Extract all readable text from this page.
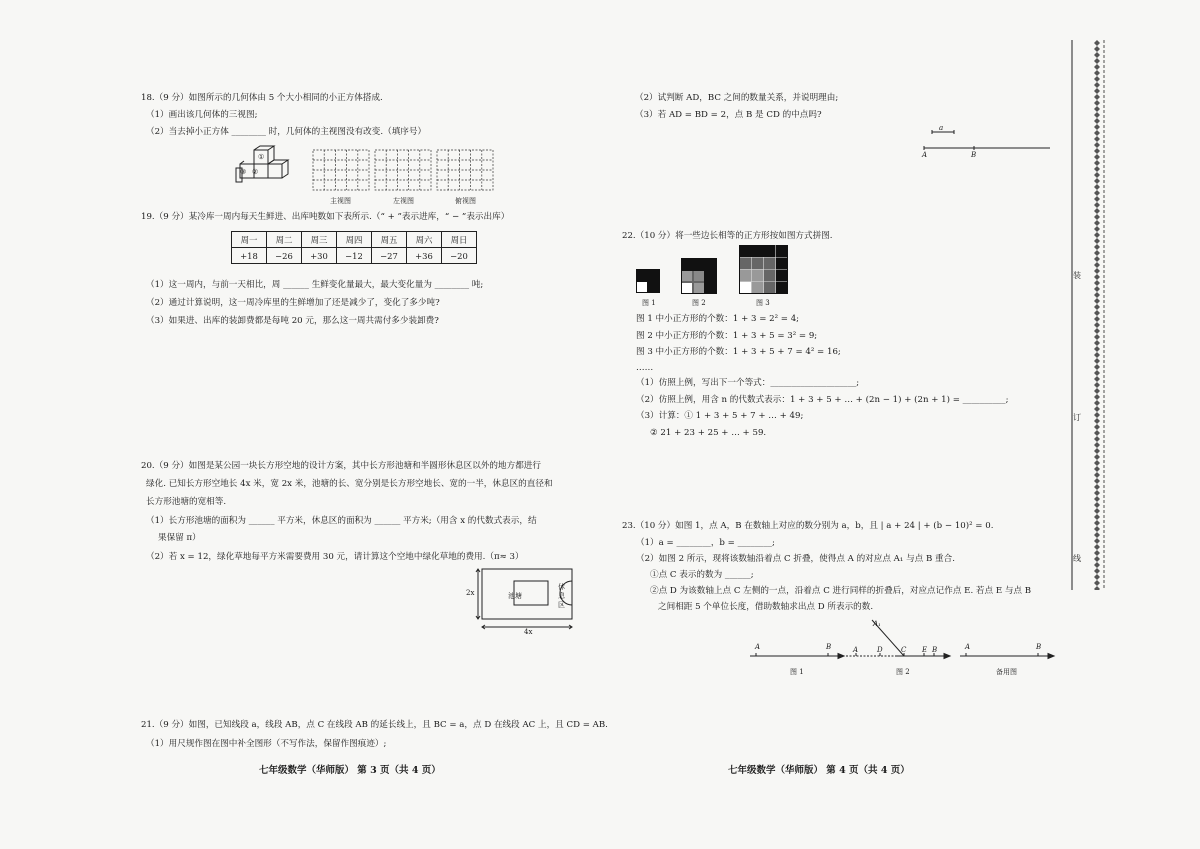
18.（9 分）如图所示的几何体由 5 个大小相同的小正方体搭成.
（1）画出该几何体的三视图;
（2）当去掉小正方体 ________ 时，几何体的主视图没有改变.（填序号）
①
②
③
主视图	左视图	俯视图
19.（9 分）某冷库一周内每天生鲜进、出库吨数如下表所示.（“ + ”表示进库，“ − ”表示出库）
周一	周二	周三	周四	周五	周六	周日
+18	−26	+30	−12	−27	+36	−20
（1）这一周内，与前一天相比，周 ______ 生鲜变化量最大，最大变化量为 ________ 吨;
（2）通过计算说明，这一周冷库里的生鲜增加了还是减少了，变化了多少吨?
（3）如果进、出库的装卸费都是每吨 20 元，那么这一周共需付多少装卸费?
20.（9 分）如图是某公园一块长方形空地的设计方案，其中长方形池塘和半圆形休息区以外的地方都进行
绿化. 已知长方形空地长 4x 米，宽 2x 米，池塘的长、宽分别是长方形空地长、宽的一半，休息区的直径和
长方形池塘的宽相等.
（1）长方形池塘的面积为 ______ 平方米，休息区的面积为 ______ 平方米;（用含 x 的代数式表示，结
果保留 π）
（2）若 x = 12，绿化草地每平方米需要费用 30 元，请计算这个空地中绿化草地的费用.（π≈ 3）
2x
4x
池塘
休息区
21.（9 分）如图，已知线段 a，线段 AB，点 C 在线段 AB 的延长线上，且 BC = a，点 D 在线段 AC 上，且 CD = AB.
（1）用尺规作图在图中补全图形（不写作法，保留作图痕迹）;
七年级数学（华师版） 第 3 页（共 4 页）
（2）试判断 AD，BC 之间的数量关系，并说明理由;
（3）若 AD = BD = 2，点 B 是 CD 的中点吗?
a
A	B
22.（10 分）将一些边长相等的正方形按如图方式拼图.
图 1	图 2	图 3
图 1 中小正方形的个数：1 + 3 = 2² = 4;
图 2 中小正方形的个数：1 + 3 + 5 = 3² = 9;
图 3 中小正方形的个数：1 + 3 + 5 + 7 = 4² = 16;
……
（1）仿照上例，写出下一个等式：____________________;
（2）仿照上例，用含 n 的代数式表示：1 + 3 + 5 + … + (2n − 1) + (2n + 1) = __________;
（3）计算：① 1 + 3 + 5 + 7 + … + 49;
② 21 + 23 + 25 + … + 59.
23.（10 分）如图 1，点 A，B 在数轴上对应的数分别为 a，b，且 | a + 24 | + (b − 10)² = 0.
（1）a = ________，b = ________;
（2）如图 2 所示，现将该数轴沿着点 C 折叠，使得点 A 的对应点 A₁ 与点 B 重合.
①点 C 表示的数为 ______;
②点 D 为该数轴上点 C 左侧的一点，沿着点 C 进行同样的折叠后，对应点记作点 E. 若点 E 与点 B
之间相距 5 个单位长度，借助数轴求出点 D 所表示的数.
A	B
A₁
A	D	C E B	A	B
图 1	图 2	备用图
七年级数学（华师版） 第 4 页（共 4 页）
装
订
线
